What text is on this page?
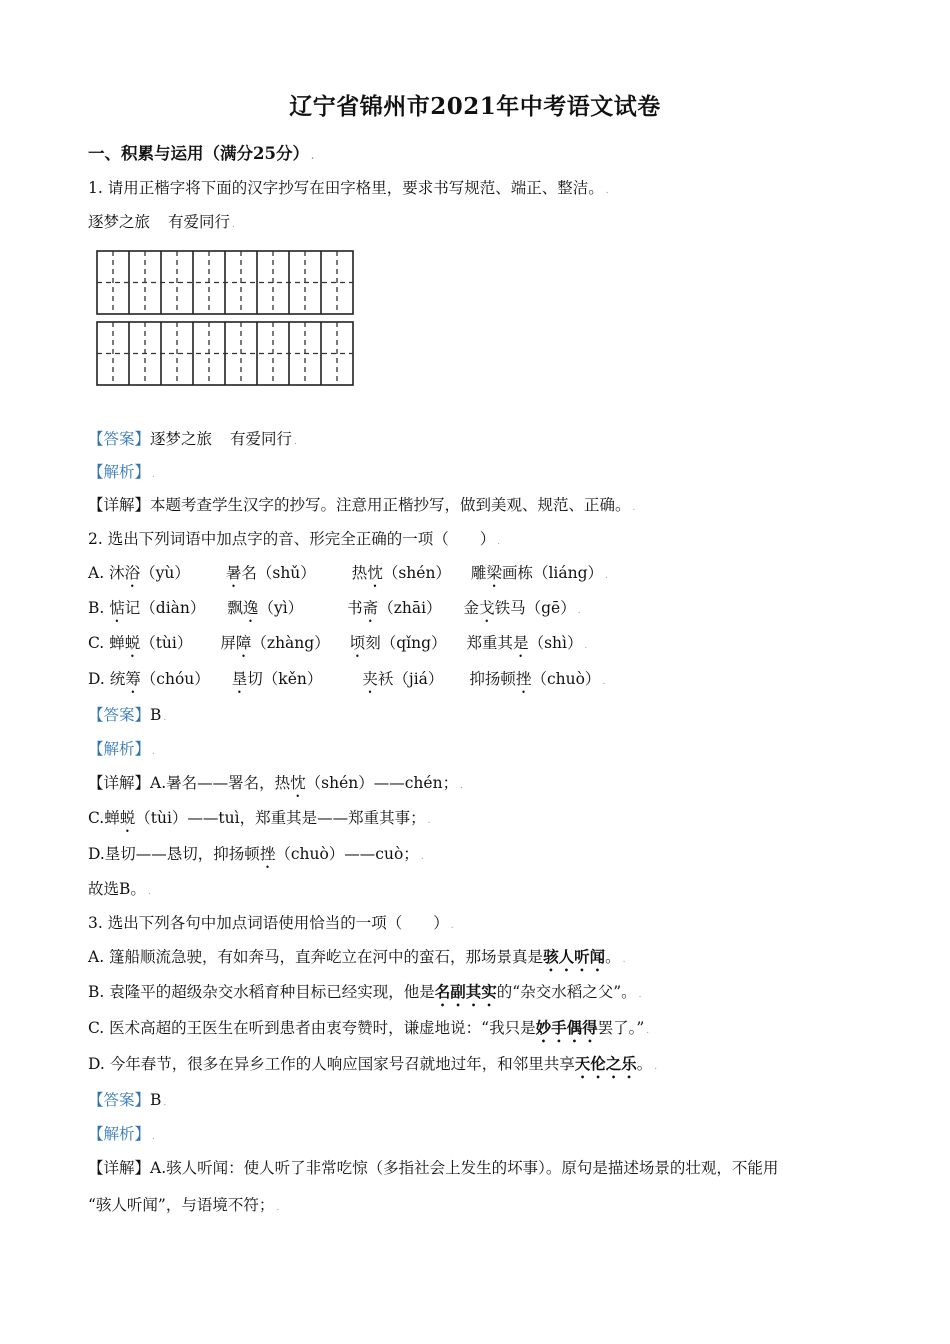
辽宁省锦州市2021年中考语文试卷
一、积累与运用（满分25分） .
1. 请用正楷字将下面的汉字抄写在田字格里，要求书写规范、端正、整洁。 .
逐梦之旅 有爱同行 .
【答案】逐梦之旅 有爱同行 .
【解析】 .
【详解】本题考查学生汉字的抄写。注意用正楷抄写，做到美观、规范、正确。 .
2. 选出下列词语中加点字的音、形完全正确的一项（　　） .
A. 沐浴（yù） 暑名（shǔ） 热忱（shén） 雕梁画栋（liáng） .
B. 惦记（diàn） 飘逸（yì）	书斋（zhāi） 金戈铁马（gē） .
C. 蝉蜕（tùi） 屏障（zhàng） 顷刻（qǐng） 郑重其是（shì） .
D. 统筹（chóu） 垦切（kěn）	夹袄（jiá） 抑扬顿挫（chuò） .
【答案】B .
【解析】 .
【详解】A.暑名——署名，热忱（shén）——chén； .
C.蝉蜕（tùi）——tuì，郑重其是——郑重其事； .
D.垦切——恳切，抑扬顿挫（chuò）——cuò； .
故选B。 .
3. 选出下列各句中加点词语使用恰当的一项（　　） .
A. 篷船顺流急驶，有如奔马，直奔屹立在河中的蛮石，那场景真是骇人听闻。 .
B. 袁隆平的超级杂交水稻育种目标已经实现，他是名副其实的“杂交水稻之父”。 .
C. 医术高超的王医生在听到患者由衷夸赞时，谦虚地说：“我只是妙手偶得罢了。” .
D. 今年春节，很多在异乡工作的人响应国家号召就地过年，和邻里共享天伦之乐。 .
【答案】B .
【解析】 .
【详解】A.骇人听闻：使人听了非常吃惊（多指社会上发生的坏事）。原句是描述场景的壮观，不能用
“骇人听闻”，与语境不符； .
